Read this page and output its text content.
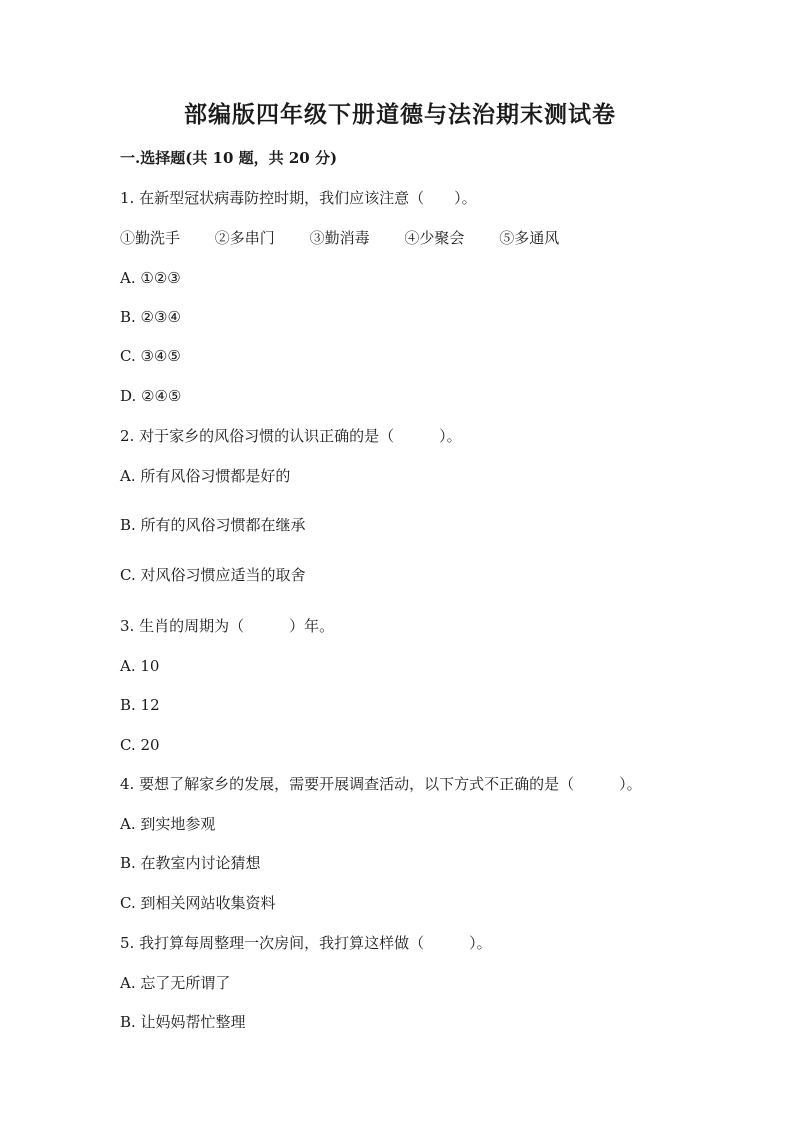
部编版四年级下册道德与法治期末测试卷
一.选择题(共 10 题，共 20 分)
1. 在新型冠状病毒防控时期，我们应该注意（　　）。
①勤洗手 ②多串门 ③勤消毒 ④少聚会 ⑤多通风
A. ①②③
B. ②③④
C. ③④⑤
D. ②④⑤
2. 对于家乡的风俗习惯的认识正确的是（　　　）。
A. 所有风俗习惯都是好的
B. 所有的风俗习惯都在继承
C. 对风俗习惯应适当的取舍
3. 生肖的周期为（　　　）年。
A. 10
B. 12
C. 20
4. 要想了解家乡的发展，需要开展调查活动，以下方式不正确的是（　　　）。
A. 到实地参观
B. 在教室内讨论猜想
C. 到相关网站收集资料
5. 我打算每周整理一次房间，我打算这样做（　　　）。
A. 忘了无所谓了
B. 让妈妈帮忙整理
